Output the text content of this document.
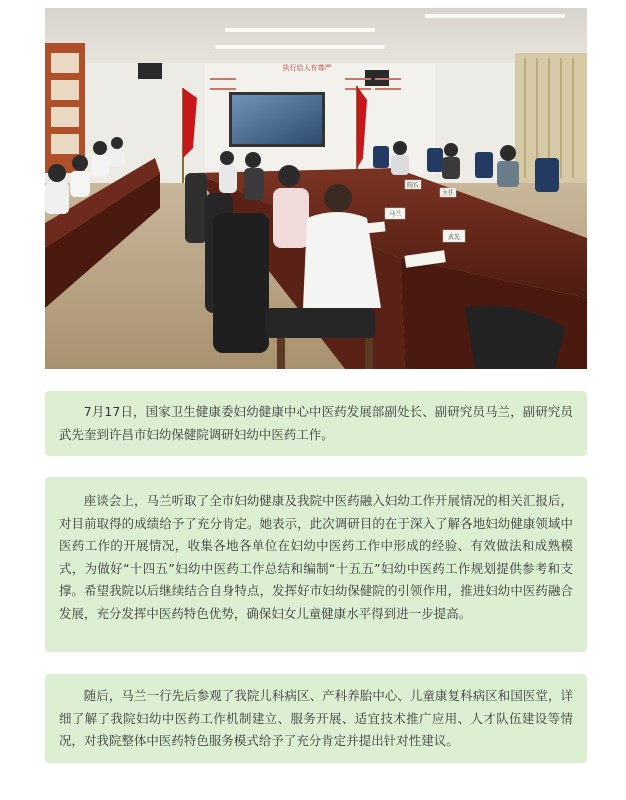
执行给人有尊严
马兰
武先
院长
主任

7月17日，国家卫生健康委妇幼健康中心中医药发展部副处长、副研究员马兰，副研究员武先奎到许昌市妇幼保健院调研妇幼中医药工作。

座谈会上，马兰听取了全市妇幼健康及我院中医药融入妇幼工作开展情况的相关汇报后，对目前取得的成绩给予了充分肯定。她表示，此次调研目的在于深入了解各地妇幼健康领域中医药工作的开展情况，收集各地各单位在妇幼中医药工作中形成的经验、有效做法和成熟模式，为做好“十四五”妇幼中医药工作总结和编制“十五五”妇幼中医药工作规划提供参考和支撑。希望我院以后继续结合自身特点，发挥好市妇幼保健院的引领作用，推进妇幼中医药融合发展，充分发挥中医药特色优势，确保妇女儿童健康水平得到进一步提高。

随后，马兰一行先后参观了我院儿科病区、产科养胎中心、儿童康复科病区和国医堂，详细了解了我院妇幼中医药工作机制建立、服务开展、适宜技术推广应用、人才队伍建设等情况，对我院整体中医药特色服务模式给予了充分肯定并提出针对性建议。
